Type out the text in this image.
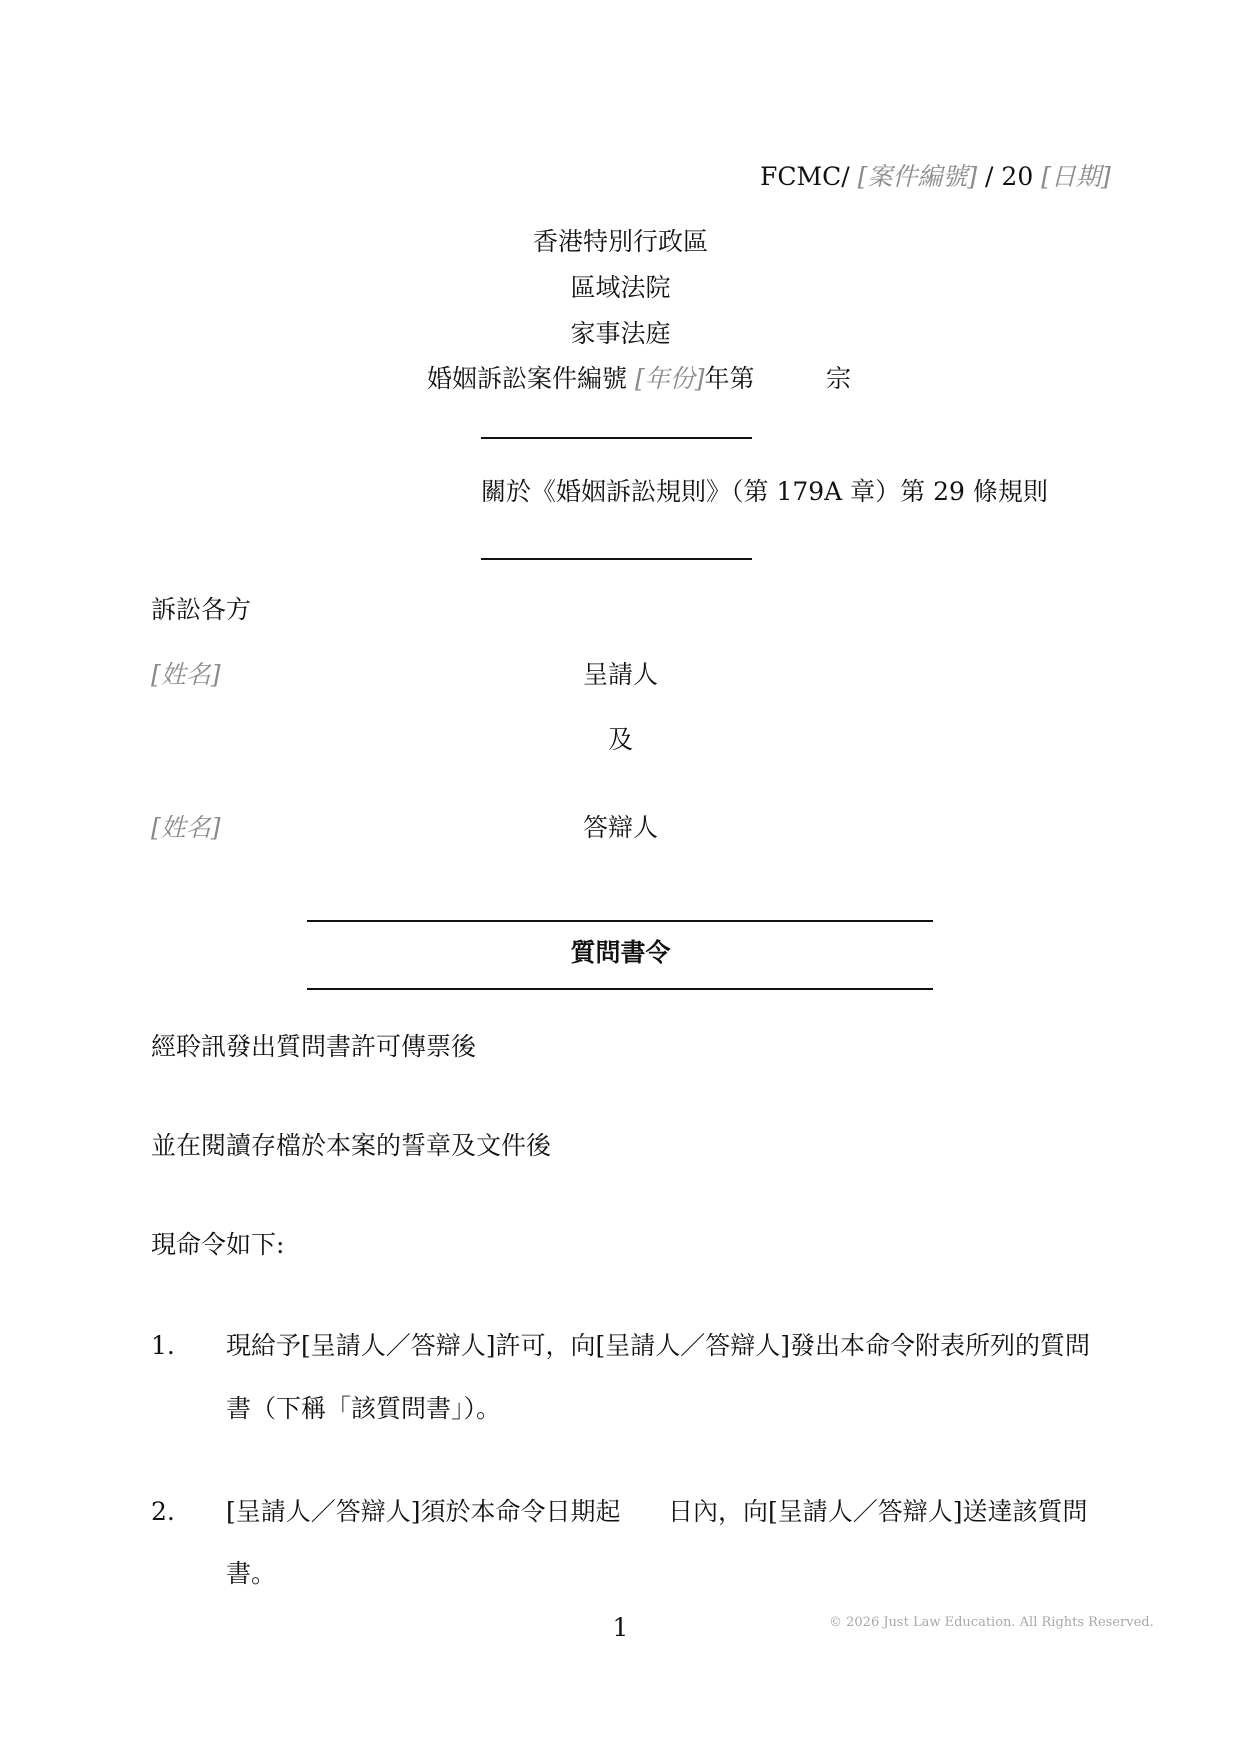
FCMC/ [案件編號] / 20 [日期]
香港特別行政區
區域法院
家事法庭
婚姻訴訟案件編號 [年份]年第	宗
關於《婚姻訴訟規則》（第 179A 章）第 29 條規則
訴訟各方
[姓名]	呈請人
及
[姓名]	答辯人
質問書令
經聆訊發出質問書許可傳票後
並在閱讀存檔於本案的誓章及文件後
現命令如下:
1. 現給予[呈請人／答辯人]許可，向[呈請人／答辯人]發出本命令附表所列的質問
書（下稱「該質問書」）。
2. [呈請人／答辯人]須於本命令日期起 日內，向[呈請人／答辯人]送達該質問
書。
1	© 2026 Just Law Education. All Rights Reserved.
